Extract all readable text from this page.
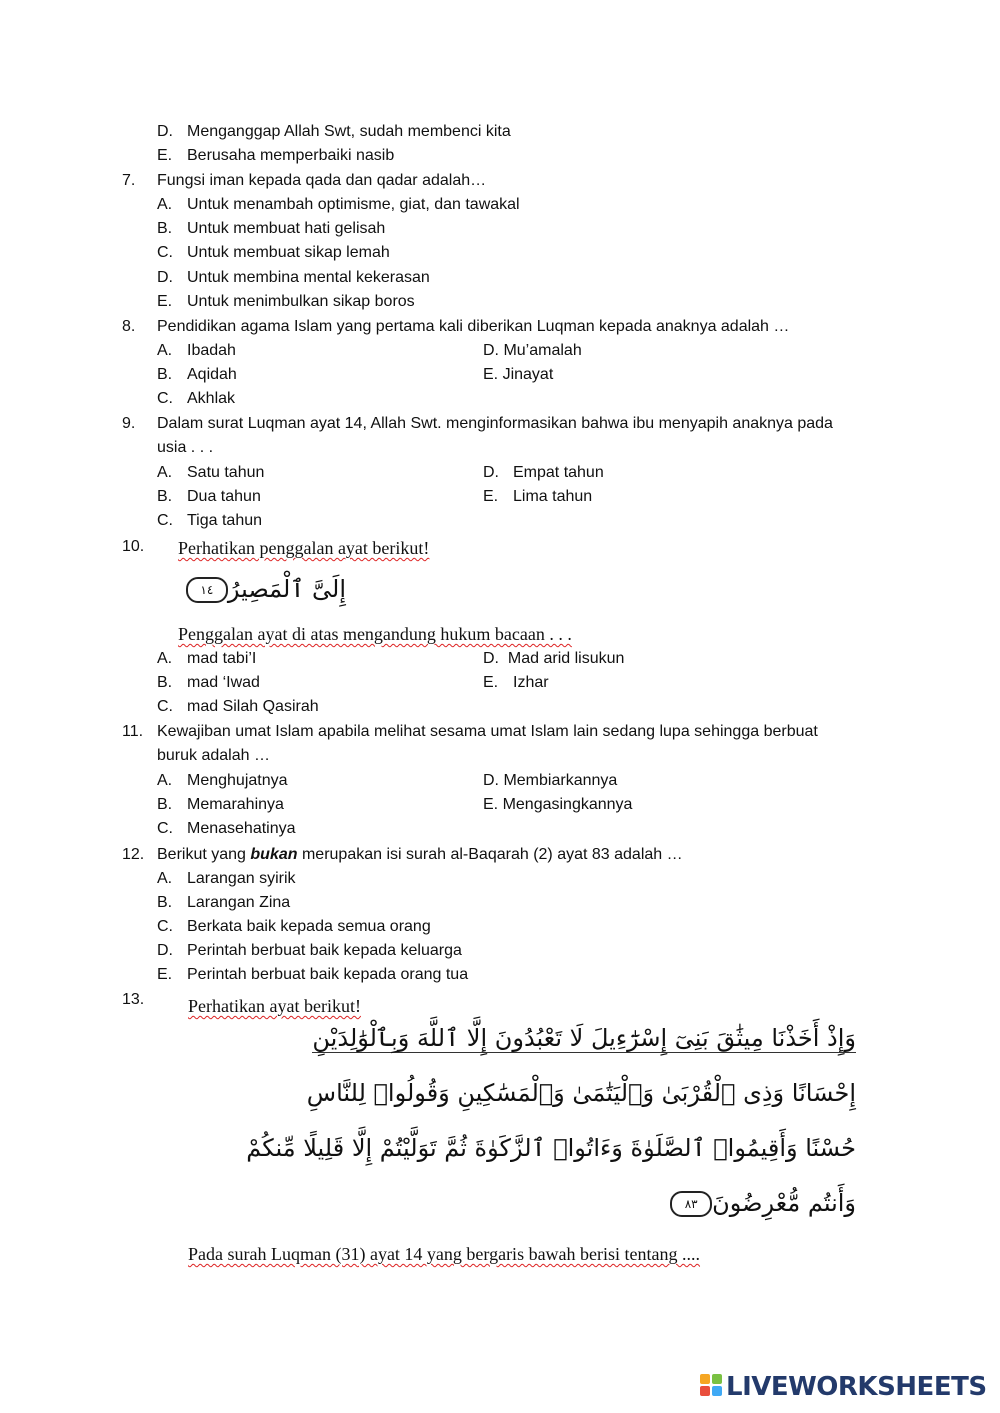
D. Menganggap Allah Swt, sudah membenci kita
E. Berusaha memperbaiki nasib
7. Fungsi iman kepada qada dan qadar adalah…
A. Untuk menambah optimisme, giat, dan tawakal
B. Untuk membuat hati gelisah
C. Untuk membuat sikap lemah
D. Untuk membina mental kekerasan
E. Untuk menimbulkan sikap boros
8. Pendidikan agama Islam yang pertama kali diberikan Luqman kepada anaknya adalah …
A. Ibadah
B. Aqidah
C. Akhlak
D. Mu’amalah
E. Jinayat
9. Dalam surat Luqman ayat 14, Allah Swt. menginformasikan bahwa ibu menyapih anaknya pada
usia . . .
A. Satu tahun
B. Dua tahun
C. Tiga tahun
D. Empat tahun
E. Lima tahun
10. Perhatikan penggalan ayat berikut!
إِلَىَّ ٱلْمَصِيرُ١٤
Penggalan ayat di atas mengandung hukum bacaan . . .
A. mad tabi’I
B. mad ‘Iwad
C. mad Silah Qasirah
D. Mad arid lisukun
E. Izhar
11. Kewajiban umat Islam apabila melihat sesama umat Islam lain sedang lupa sehingga berbuat
buruk adalah …
A. Menghujatnya
B. Memarahinya
C. Menasehatinya
D. Membiarkannya
E. Mengasingkannya
12. Berikut yang bukan merupakan isi surah al-Baqarah (2) ayat 83 adalah …
A. Larangan syirik
B. Larangan Zina
C. Berkata baik kepada semua orang
D. Perintah berbuat baik kepada keluarga
E. Perintah berbuat baik kepada orang tua
13. Perhatikan ayat berikut!
وَإِذْ أَخَذْنَا مِيثَٰقَ بَنِىٓ إِسْرَٰٓءِيلَ لَا تَعْبُدُونَ إِلَّا ٱللَّهَ وَبِٱلْوَٰلِدَيْنِ
إِحْسَانًا وَذِى ٱلْقُرْبَىٰ وَٱلْيَتَٰمَىٰ وَٱلْمَسَٰكِينِ وَقُولُوا۟ لِلنَّاسِ
حُسْنًا وَأَقِيمُوا۟ ٱلصَّلَوٰةَ وَءَاتُوا۟ ٱلزَّكَوٰةَ ثُمَّ تَوَلَّيْتُمْ إِلَّا قَلِيلًا مِّنكُمْ
وَأَنتُم مُّعْرِضُونَ٨٣
Pada surah Luqman (31) ayat 14 yang bergaris bawah berisi tentang ....
LIVEWORKSHEETS
